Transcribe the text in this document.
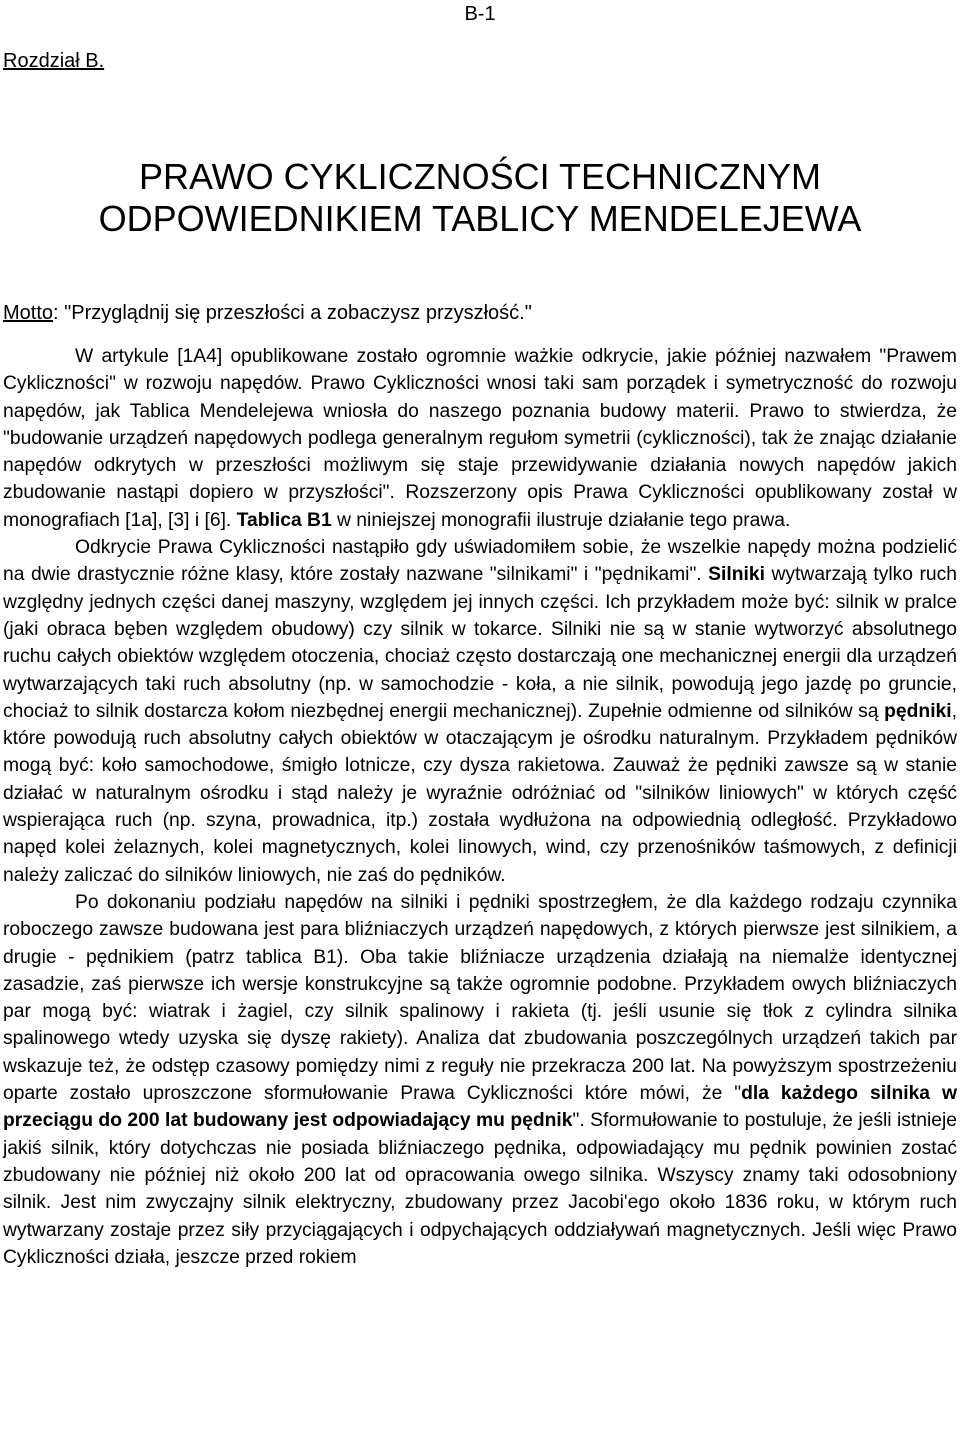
B-1
Rozdział B.
PRAWO CYKLICZNOŚCI TECHNICZNYM
ODPOWIEDNIKIEM TABLICY MENDELEJEWA
Motto: "Przyglądnij się przeszłości a zobaczysz przyszłość."

W artykule [1A4] opublikowane zostało ogromnie ważkie odkrycie, jakie później nazwałem "Prawem Cykliczności" w rozwoju napędów. Prawo Cykliczności wnosi taki sam porządek i symetryczność do rozwoju napędów, jak Tablica Mendelejewa wniosła do naszego poznania budowy materii. Prawo to stwierdza, że "budowanie urządzeń napędowych podlega generalnym regułom symetrii (cykliczności), tak że znając działanie napędów odkrytych w przeszłości możliwym się staje przewidywanie działania nowych napędów jakich zbudowanie nastąpi dopiero w przyszłości". Rozszerzony opis Prawa Cykliczności opublikowany został w monografiach [1a], [3] i [6]. Tablica B1 w niniejszej monografii ilustruje działanie tego prawa.

Odkrycie Prawa Cykliczności nastąpiło gdy uświadomiłem sobie, że wszelkie napędy można podzielić na dwie drastycznie różne klasy, które zostały nazwane "silnikami" i "pędnikami". Silniki wytwarzają tylko ruch względny jednych części danej maszyny, względem jej innych części. Ich przykładem może być: silnik w pralce (jaki obraca bęben względem obudowy) czy silnik w tokarce. Silniki nie są w stanie wytworzyć absolutnego ruchu całych obiektów względem otoczenia, chociaż często dostarczają one mechanicznej energii dla urządzeń wytwarzających taki ruch absolutny (np. w samochodzie - koła, a nie silnik, powodują jego jazdę po gruncie, chociaż to silnik dostarcza kołom niezbędnej energii mechanicznej). Zupełnie odmienne od silników są pędniki, które powodują ruch absolutny całych obiektów w otaczającym je ośrodku naturalnym. Przykładem pędników mogą być: koło samochodowe, śmigło lotnicze, czy dysza rakietowa. Zauważ że pędniki zawsze są w stanie działać w naturalnym ośrodku i stąd należy je wyraźnie odróżniać od "silników liniowych" w których część wspierająca ruch (np. szyna, prowadnica, itp.) została wydłużona na odpowiednią odległość. Przykładowo napęd kolei żelaznych, kolei magnetycznych, kolei linowych, wind, czy przenośników taśmowych, z definicji należy zaliczać do silników liniowych, nie zaś do pędników.

Po dokonaniu podziału napędów na silniki i pędniki spostrzegłem, że dla każdego rodzaju czynnika roboczego zawsze budowana jest para bliźniaczych urządzeń napędowych, z których pierwsze jest silnikiem, a drugie - pędnikiem (patrz tablica B1). Oba takie bliźniacze urządzenia działają na niemalże identycznej zasadzie, zaś pierwsze ich wersje konstrukcyjne są także ogromnie podobne. Przykładem owych bliźniaczych par mogą być: wiatrak i żagiel, czy silnik spalinowy i rakieta (tj. jeśli usunie się tłok z cylindra silnika spalinowego wtedy uzyska się dyszę rakiety). Analiza dat zbudowania poszczególnych urządzeń takich par wskazuje też, że odstęp czasowy pomiędzy nimi z reguły nie przekracza 200 lat. Na powyższym spostrzeżeniu oparte zostało uproszczone sformułowanie Prawa Cykliczności które mówi, że "dla każdego silnika w przeciągu do 200 lat budowany jest odpowiadający mu pędnik". Sformułowanie to postuluje, że jeśli istnieje jakiś silnik, który dotychczas nie posiada bliźniaczego pędnika, odpowiadający mu pędnik powinien zostać zbudowany nie później niż około 200 lat od opracowania owego silnika. Wszyscy znamy taki odosobniony silnik. Jest nim zwyczajny silnik elektryczny, zbudowany przez Jacobi'ego około 1836 roku, w którym ruch wytwarzany zostaje przez siły przyciągających i odpychających oddziaływań magnetycznych. Jeśli więc Prawo Cykliczności działa, jeszcze przed rokiem
